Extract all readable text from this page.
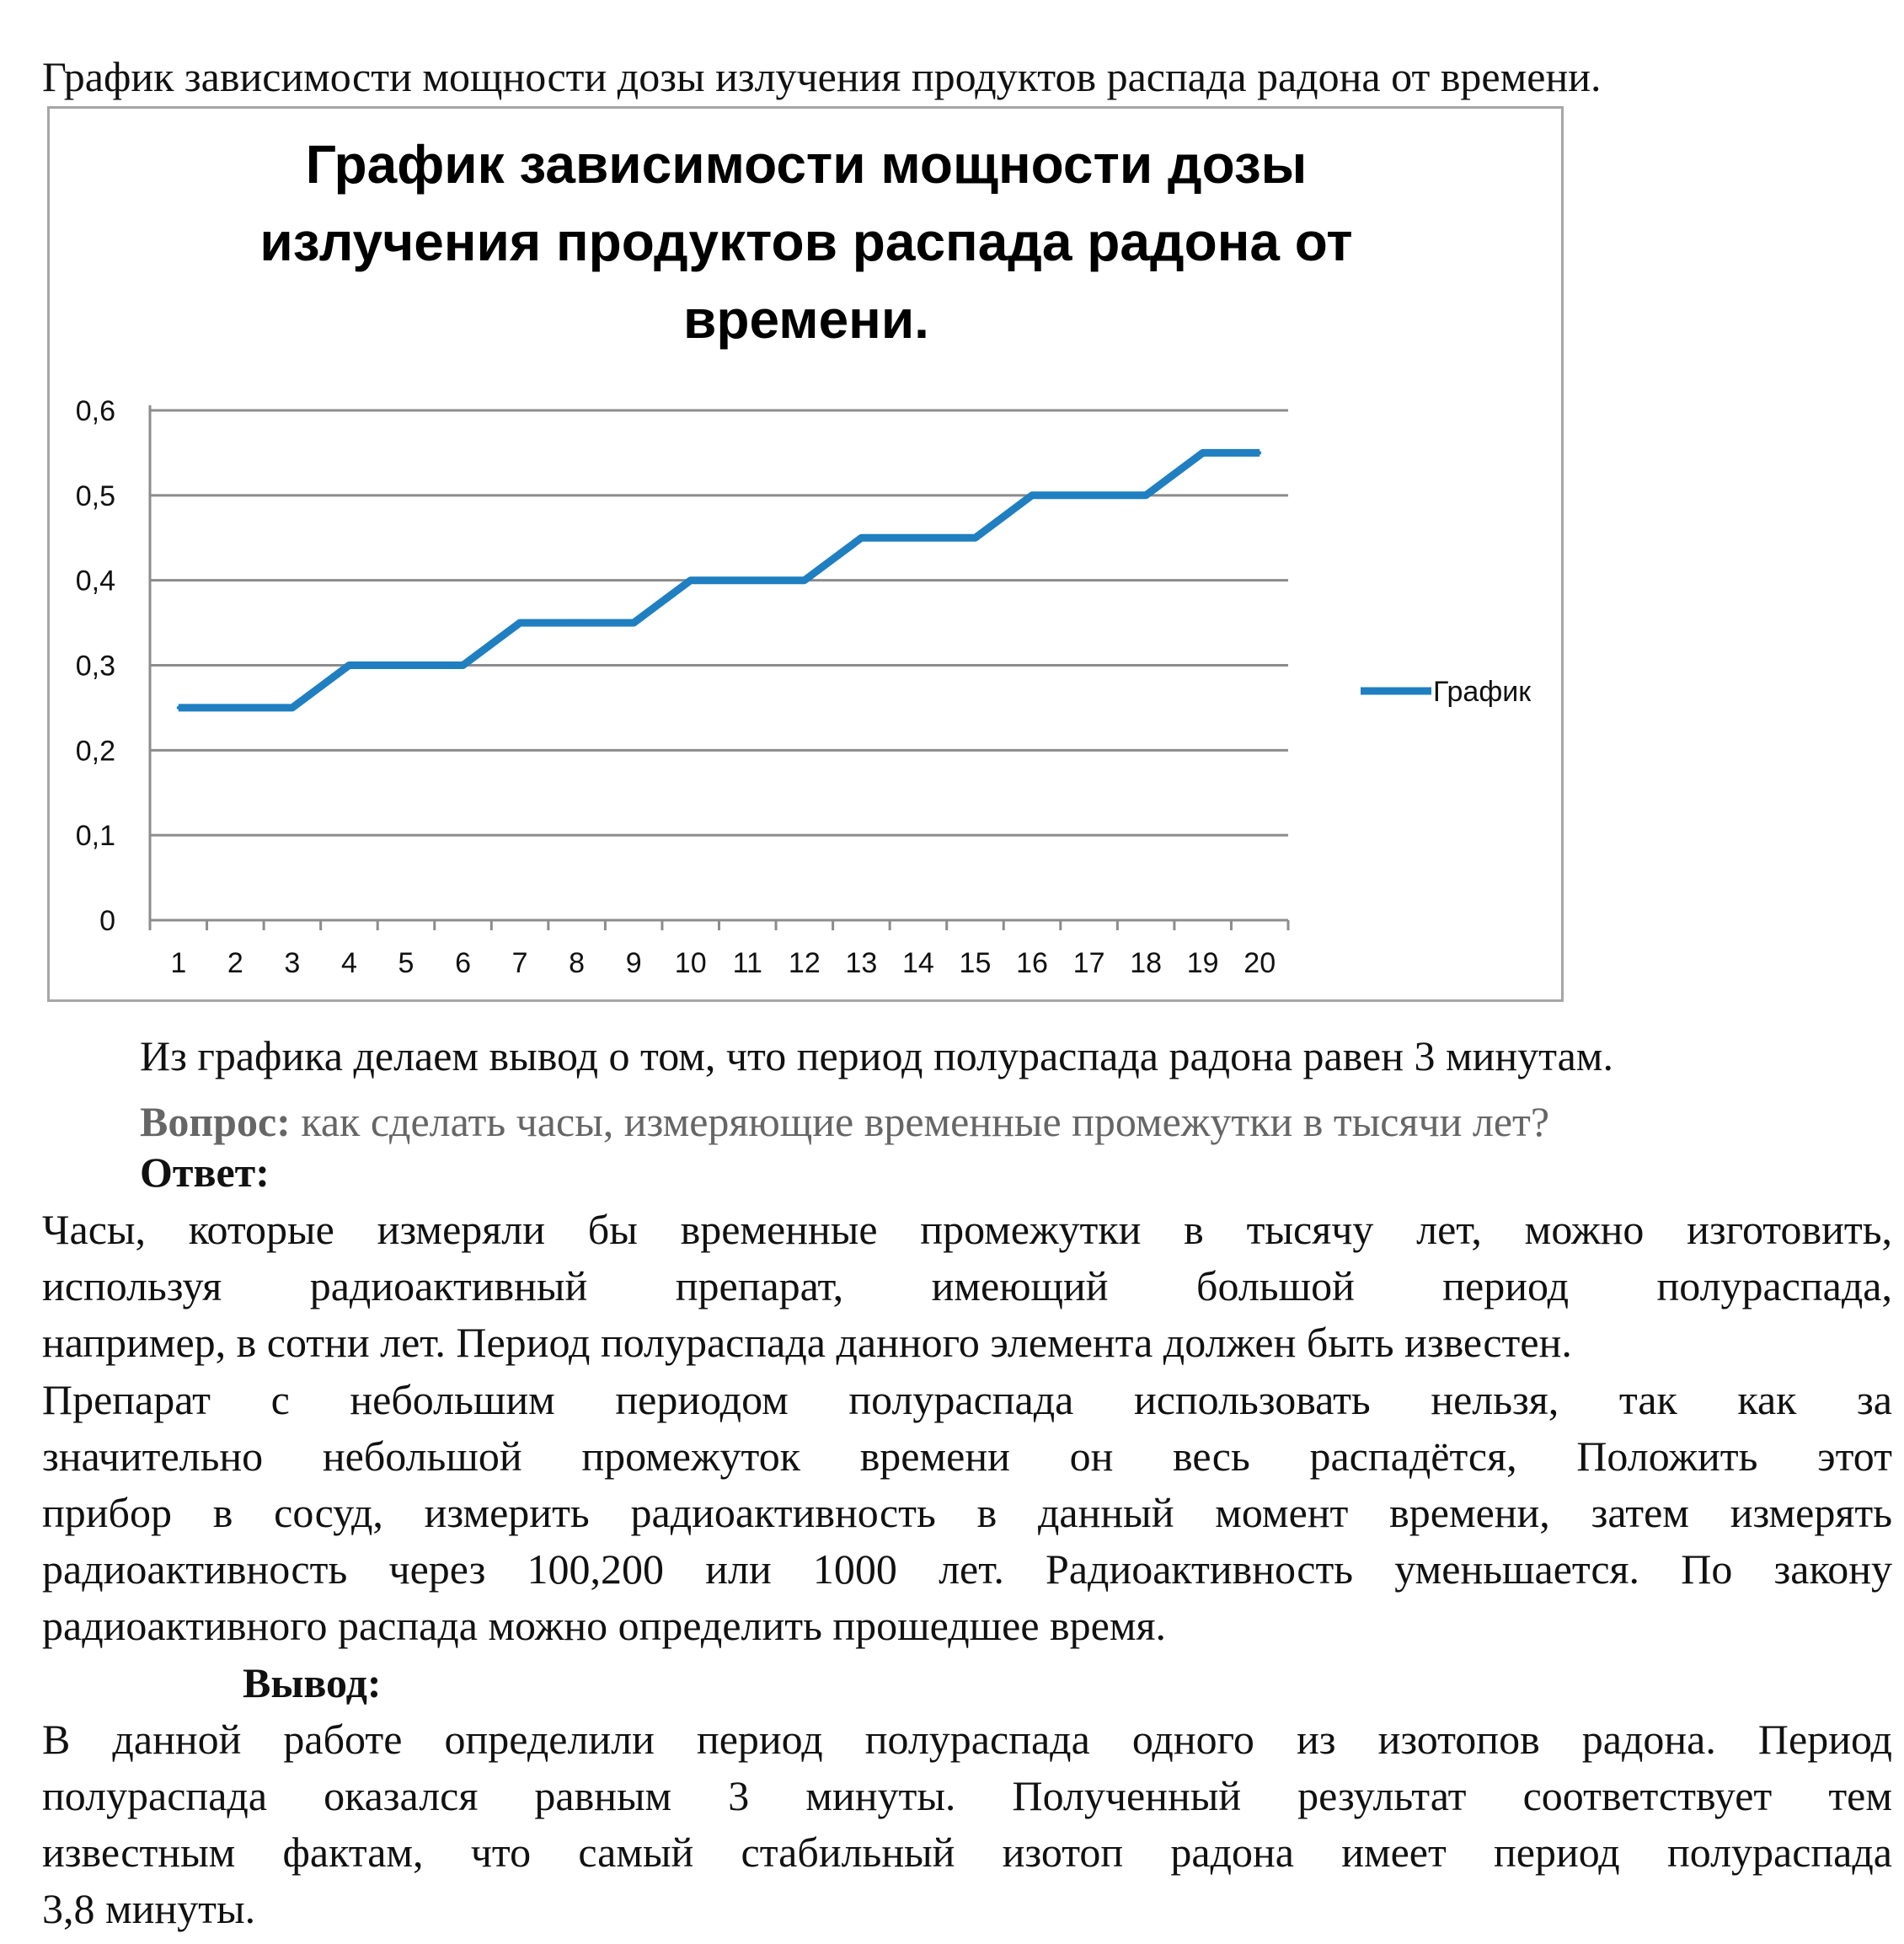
График зависимости мощности дозы излучения продуктов распада радона от времени.
График зависимости мощности дозы
излучения продуктов распада радона от
времени.
0
0,1
0,2
0,3
0,4
0,5
0,6
1 2 3 4 5 6 7 8 9 10 11 12 13 14 15 16 17 18 19 20
График
Из графика делаем вывод о том, что период полураспада радона равен 3 минутам.
Вопрос: как сделать часы, измеряющие временные промежутки в тысячи лет?
Ответ:
Часы, которые измеряли бы временные промежутки в тысячу лет, можно изготовить,
используя радиоактивный препарат, имеющий большой период полураспада,
например, в сотни лет. Период полураспада данного элемента должен быть известен.
Препарат с небольшим периодом полураспада использовать нельзя, так как за
значительно небольшой промежуток времени он весь распадётся, Положить этот
прибор в сосуд, измерить радиоактивность в данный момент времени, затем измерять
радиоактивность через 100,200 или 1000 лет. Радиоактивность уменьшается. По закону
радиоактивного распада можно определить прошедшее время.
Вывод:
В данной работе определили период полураспада одного из изотопов радона. Период
полураспада оказался равным 3 минуты. Полученный результат соответствует тем
известным фактам, что самый стабильный изотоп радона имеет период полураспада
3,8 минуты.
